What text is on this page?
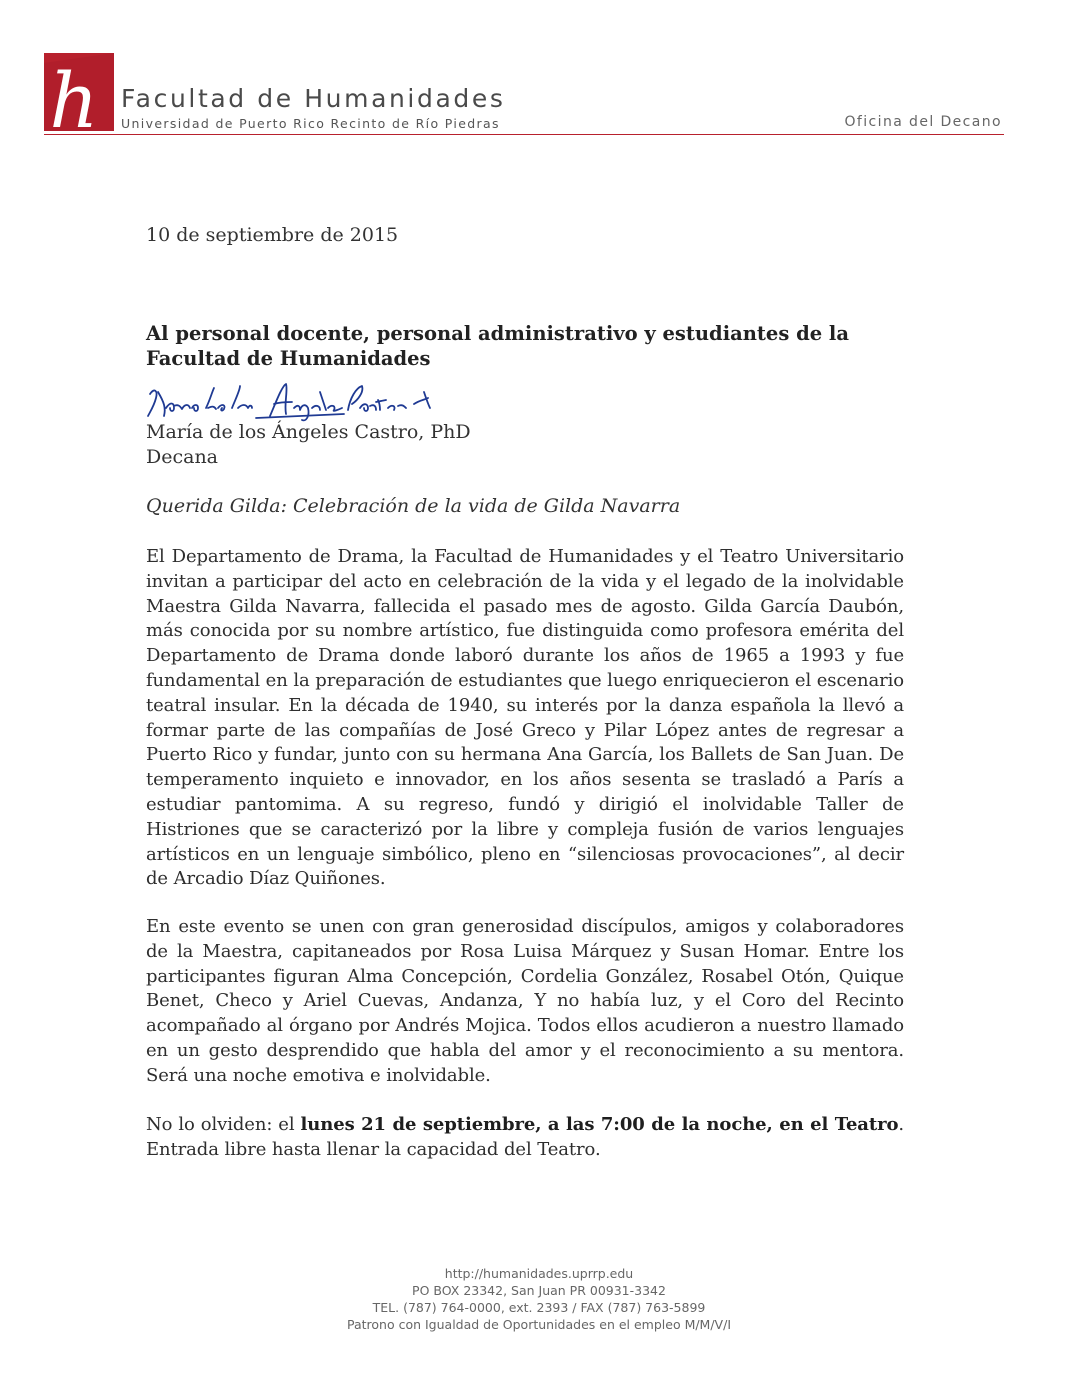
h Facultad de Humanidades
Universidad de Puerto Rico Recinto de Río Piedras	Oficina del Decano
10 de septiembre de 2015
Al personal docente, personal administrativo y estudiantes de la Facultad de Humanidades
María de los Ángeles Castro, PhD
Decana
Querida Gilda: Celebración de la vida de Gilda Navarra

El Departamento de Drama, la Facultad de Humanidades y el Teatro Universitario invitan a participar del acto en celebración de la vida y el legado de la inolvidable Maestra Gilda Navarra, fallecida el pasado mes de agosto. Gilda García Daubón, más conocida por su nombre artístico, fue distinguida como profesora emérita del Departamento de Drama donde laboró durante los años de 1965 a 1993 y fue fundamental en la preparación de estudiantes que luego enriquecieron el escenario teatral insular. En la década de 1940, su interés por la danza española la llevó a formar parte de las compañías de José Greco y Pilar López antes de regresar a Puerto Rico y fundar, junto con su hermana Ana García, los Ballets de San Juan. De temperamento inquieto e innovador, en los años sesenta se trasladó a París a estudiar pantomima. A su regreso, fundó y dirigió el inolvidable Taller de Histriones que se caracterizó por la libre y compleja fusión de varios lenguajes artísticos en un lenguaje simbólico, pleno en “silenciosas provocaciones”, al decir de Arcadio Díaz Quiñones.

En este evento se unen con gran generosidad discípulos, amigos y colaboradores de la Maestra, capitaneados por Rosa Luisa Márquez y Susan Homar. Entre los participantes figuran Alma Concepción, Cordelia González, Rosabel Otón, Quique Benet, Checo y Ariel Cuevas, Andanza, Y no había luz, y el Coro del Recinto acompañado al órgano por Andrés Mojica. Todos ellos acudieron a nuestro llamado en un gesto desprendido que habla del amor y el reconocimiento a su mentora. Será una noche emotiva e inolvidable.

No lo olviden: el lunes 21 de septiembre, a las 7:00 de la noche, en el Teatro. Entrada libre hasta llenar la capacidad del Teatro.

http://humanidades.uprrp.edu
PO BOX 23342, San Juan PR 00931-3342
TEL. (787) 764-0000, ext. 2393 / FAX (787) 763-5899
Patrono con Igualdad de Oportunidades en el empleo M/M/V/I
